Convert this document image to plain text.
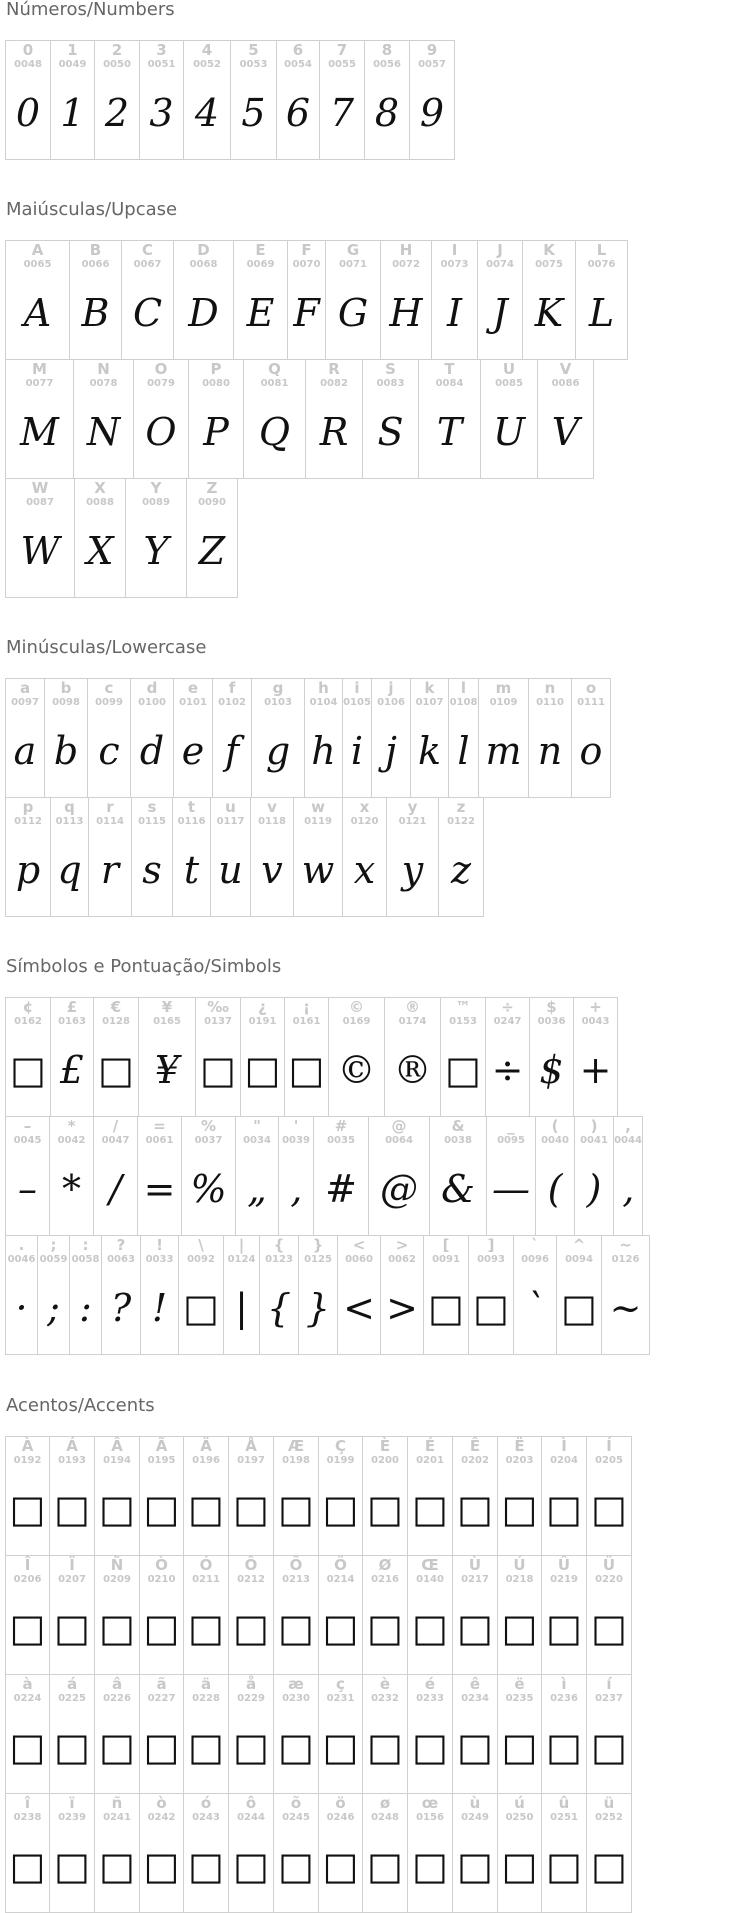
Números/Numbers
0
0048
0
1
0049
1
2
0050
2
3
0051
3
4
0052
4
5
0053
5
6
0054
6
7
0055
7
8
0056
8
9
0057
9
Maiúsculas/Upcase
A
0065
A
B
0066
B
C
0067
C
D
0068
D
E
0069
E
F
0070
F
G
0071
G
H
0072
H
I
0073
I
J
0074
J
K
0075
K
L
0076
L
M
0077
M
N
0078
N
O
0079
O
P
0080
P
Q
0081
Q
R
0082
R
S
0083
S
T
0084
T
U
0085
U
V
0086
V
W
0087
W
X
0088
X
Y
0089
Y
Z
0090
Z
Minúsculas/Lowercase
a
0097
a
b
0098
b
c
0099
c
d
0100
d
e
0101
e
f
0102
f
g
0103
g
h
0104
h
i
0105
i
j
0106
j
k
0107
k
l
0108
l
m
0109
m
n
0110
n
o
0111
o
p
0112
p
q
0113
q
r
0114
r
s
0115
s
t
0116
t
u
0117
u
v
0118
v
w
0119
w
x
0120
x
y
0121
y
z
0122
z
Símbolos e Pontuação/Simbols
¢
0162
□
£
0163
£
€
0128
□
¥
0165
¥
‰
0137
□
¿
0191
□
¡
0161
□
©
0169
©
®
0174
®
™
0153
□
÷
0247
÷
$
0036
$
+
0043
+
–
0045
–
*
0042
*
/
0047
/
=
0061
=
%
0037
%
"
0034
„
'
0039
‚
#
0035
#
@
0064
@
&
0038
&
_
0095
—
(
0040
(
)
0041
)
,
0044
‚
.
0046
·
;
0059
;
:
0058
:
?
0063
?
!
0033
!
\
0092
□
|
0124
|
{
0123
{
}
0125
}
<
0060
<
>
0062
>
[
0091
□
]
0093
□
`
0096
ˋ
^
0094
□
~
0126
~
Acentos/Accents
À
0192
□
Á
0193
□
Â
0194
□
Ã
0195
□
Ä
0196
□
Å
0197
□
Æ
0198
□
Ç
0199
□
È
0200
□
É
0201
□
Ê
0202
□
Ë
0203
□
Ì
0204
□
Í
0205
□
Î
0206
□
Ï
0207
□
Ñ
0209
□
Ò
0210
□
Ó
0211
□
Ô
0212
□
Õ
0213
□
Ö
0214
□
Ø
0216
□
Œ
0140
□
Ù
0217
□
Ú
0218
□
Û
0219
□
Ü
0220
□
à
0224
□
á
0225
□
â
0226
□
ã
0227
□
ä
0228
□
å
0229
□
æ
0230
□
ç
0231
□
è
0232
□
é
0233
□
ê
0234
□
ë
0235
□
ì
0236
□
í
0237
□
î
0238
□
ï
0239
□
ñ
0241
□
ò
0242
□
ó
0243
□
ô
0244
□
õ
0245
□
ö
0246
□
ø
0248
□
œ
0156
□
ù
0249
□
ú
0250
□
û
0251
□
ü
0252
□
